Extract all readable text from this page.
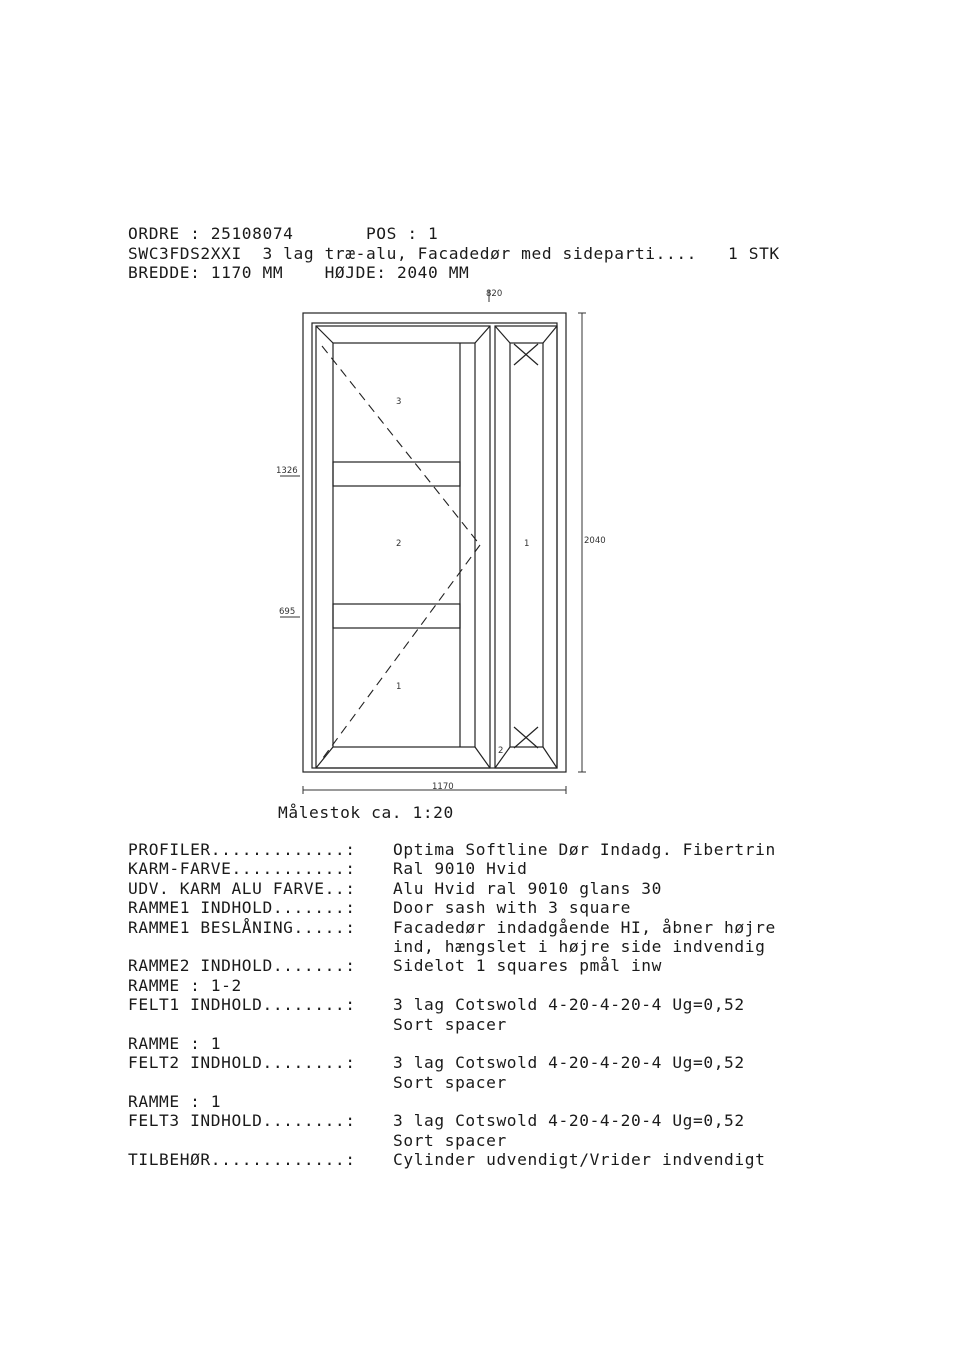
ORDRE : 25108074       POS : 1
SWC3FDS2XXI  3 lag træ-alu, Facadedør med sideparti....   1 STK
BREDDE: 1170 MM    HØJDE: 2040 MM
820
1326
695
2040
1170
3
2
1
1
2
Målestok ca. 1:20
PROFILER.............: Optima Softline Dør Indadg. Fibertrin
KARM-FARVE...........: Ral 9010 Hvid
UDV. KARM ALU FARVE..: Alu Hvid ral 9010 glans 30
RAMME1 INDHOLD.......: Door sash with 3 square
RAMME1 BESLÅNING.....: Facadedør indadgående HI, åbner højre
ind, hængslet i højre side indvendig
RAMME2 INDHOLD.......: Sidelot 1 squares pmål inw
RAMME : 1-2
FELT1 INDHOLD........: 3 lag Cotswold 4-20-4-20-4 Ug=0,52
Sort spacer
RAMME : 1
FELT2 INDHOLD........: 3 lag Cotswold 4-20-4-20-4 Ug=0,52
Sort spacer
RAMME : 1
FELT3 INDHOLD........: 3 lag Cotswold 4-20-4-20-4 Ug=0,52
Sort spacer
TILBEHØR.............: Cylinder udvendigt/Vrider indvendigt
